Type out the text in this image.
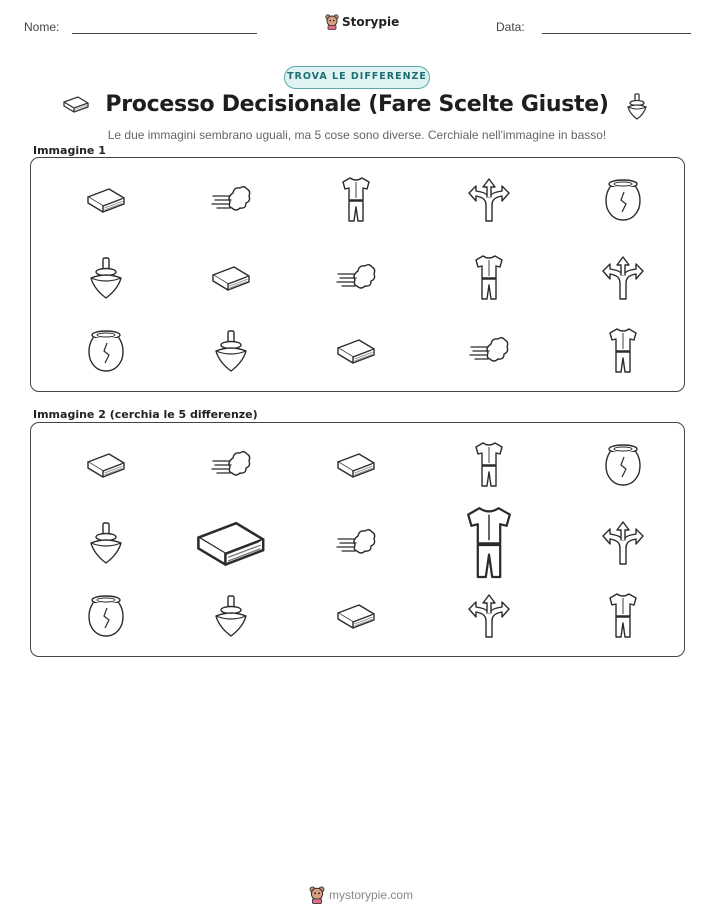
Nome:	Storypie	Data:
TROVA LE DIFFERENZE
Processo Decisionale (Fare Scelte Giuste)
Le due immagini sembrano uguali, ma 5 cose sono diverse. Cerchiale nell'immagine in basso!
Immagine 1
Immagine 2 (cerchia le 5 differenze)
mystorypie.com
